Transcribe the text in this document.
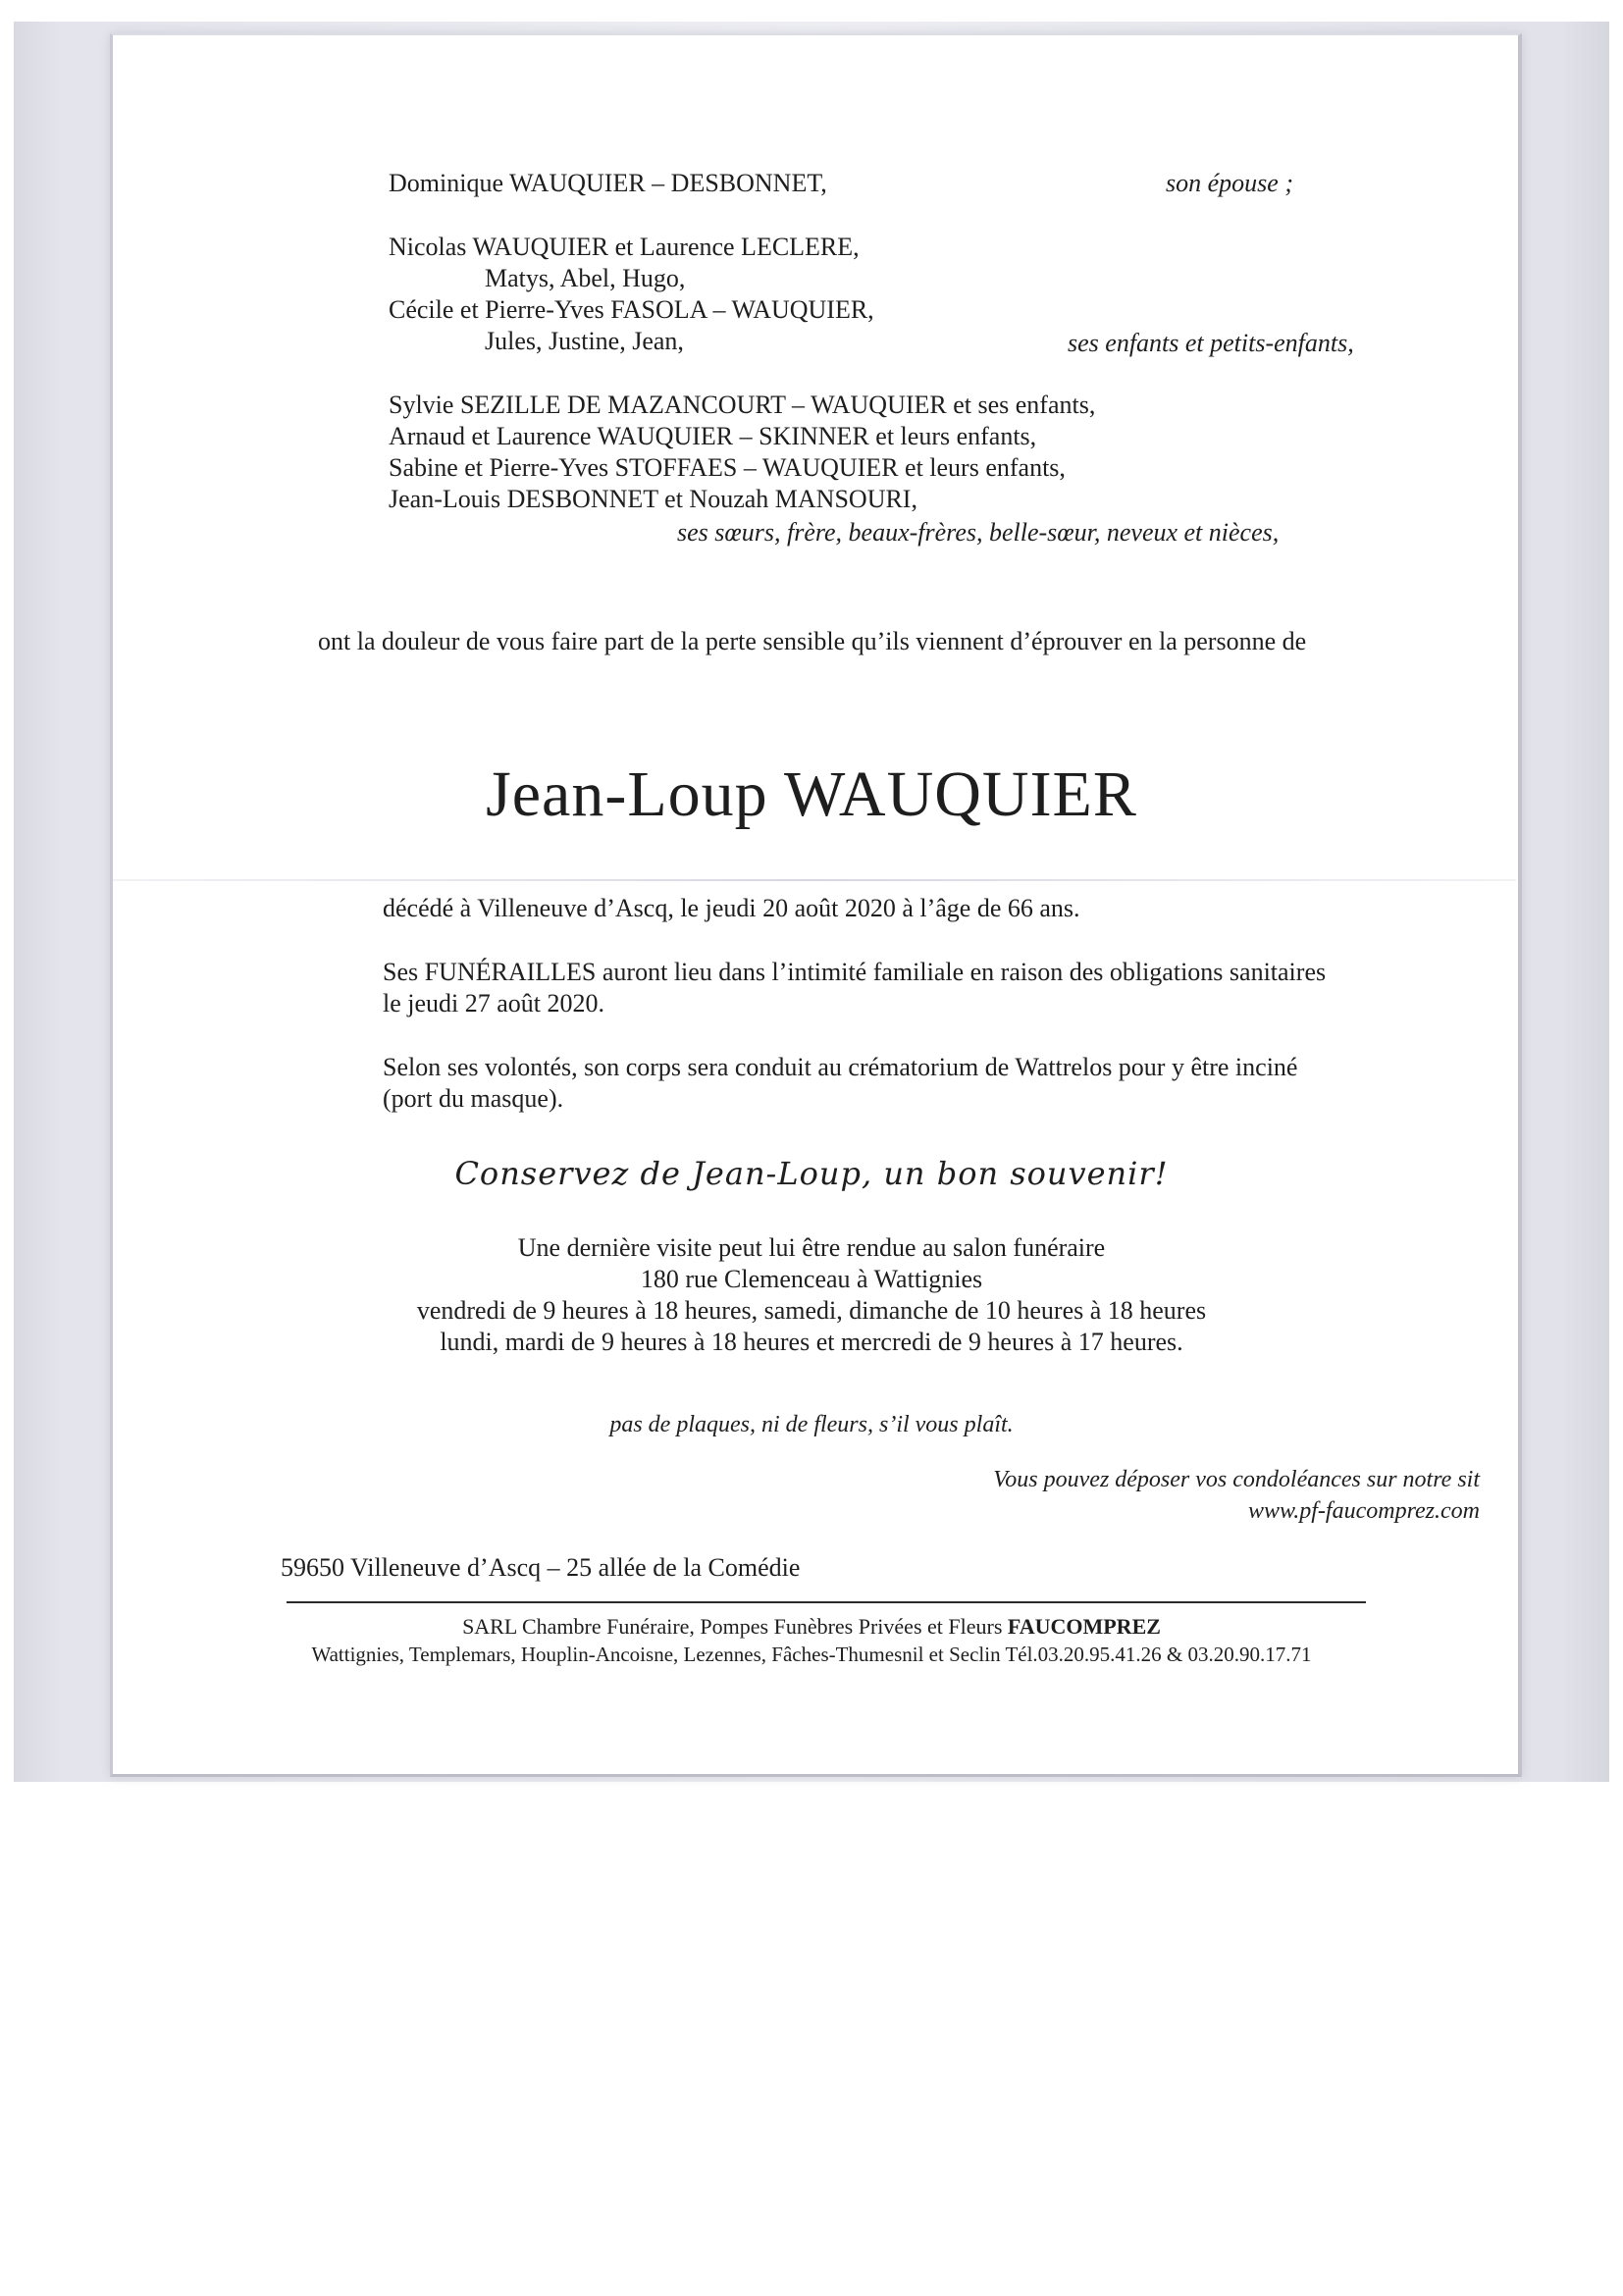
Dominique WAUQUIER – DESBONNET,	son épouse ;
Nicolas WAUQUIER et Laurence LECLERE,
Matys, Abel, Hugo,
Cécile et Pierre-Yves FASOLA – WAUQUIER,
Jules, Justine, Jean,	ses enfants et petits-enfants,
Sylvie SEZILLE DE MAZANCOURT – WAUQUIER et ses enfants,
Arnaud et Laurence WAUQUIER – SKINNER et leurs enfants,
Sabine et Pierre-Yves STOFFAES – WAUQUIER et leurs enfants,
Jean-Louis DESBONNET et Nouzah MANSOURI,
ses sœurs, frère, beaux-frères, belle-sœur, neveux et nièces,
ont la douleur de vous faire part de la perte sensible qu’ils viennent d’éprouver en la personne de
Jean-Loup WAUQUIER
décédé à Villeneuve d’Ascq, le jeudi 20 août 2020 à l’âge de 66 ans.
Ses FUNÉRAILLES auront lieu dans l’intimité familiale en raison des obligations sanitaires
le jeudi 27 août 2020.
Selon ses volontés, son corps sera conduit au crématorium de Wattrelos pour y être inciné
(port du masque).
Conservez de Jean-Loup, un bon souvenir!
Une dernière visite peut lui être rendue au salon funéraire
180 rue Clemenceau à Wattignies
vendredi de 9 heures à 18 heures, samedi, dimanche de 10 heures à 18 heures
lundi, mardi de 9 heures à 18 heures et mercredi de 9 heures à 17 heures.
pas de plaques, ni de fleurs, s’il vous plaît.
Vous pouvez déposer vos condoléances sur notre sit
www.pf-faucomprez.com
59650 Villeneuve d’Ascq – 25 allée de la Comédie
SARL Chambre Funéraire, Pompes Funèbres Privées et Fleurs FAUCOMPREZ
Wattignies, Templemars, Houplin-Ancoisne, Lezennes, Fâches-Thumesnil et Seclin Tél.03.20.95.41.26 & 03.20.90.17.71
